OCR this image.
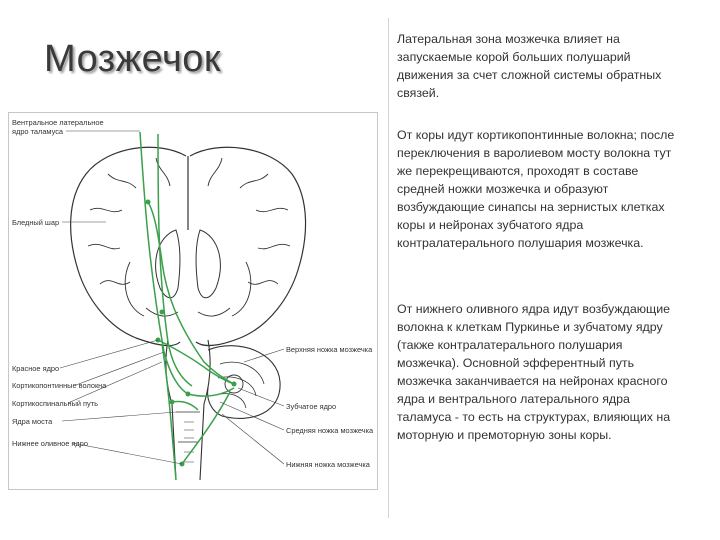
Мозжечок	Латеральная зона мозжечка влияет на запускаемые корой больших полушарий движения за счет сложной системы обратных связей.
От коры идут кортикопонтинные волокна; после переключения в варолиевом мосту волокна тут же перекрещиваются, проходят в составе средней ножки мозжечка и образуют возбуждающие синапсы на зернистых клетках коры и нейронах зубчатого ядра контралатерального полушария мозжечка.
От нижнего оливного ядра идут возбуждающие волокна к клеткам Пуркинье и зубчатому ядру (также контралатерального полушария мозжечка). Основной эфферентный путь мозжечка заканчивается на нейронах красного ядра и вентрального латерального ядра таламуса - то есть на структурах, влияющих на моторную и премоторную зоны коры.
Вентральное латеральное
ядро таламуса
Бледный шар
Красное ядро
Кортикопонтинные волокна
Кортикоспинальный путь
Ядра моста
Нижнее оливное ядро
Верхняя ножка мозжечка
Зубчатое ядро
Средняя ножка мозжечка
Нижняя ножка мозжечка
